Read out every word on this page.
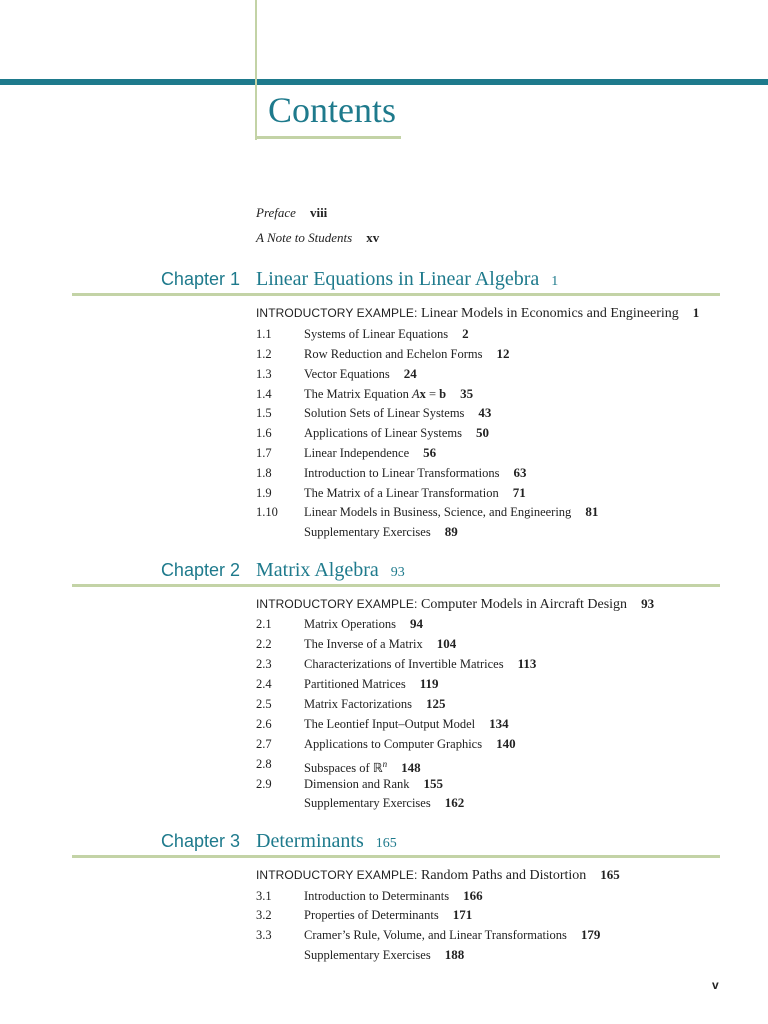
Contents
Preface viii
A Note to Students xv
Chapter 1 Linear Equations in Linear Algebra 1
INTRODUCTORY EXAMPLE: Linear Models in Economics and Engineering 1
1.1	Systems of Linear Equations 2
1.2	Row Reduction and Echelon Forms 12
1.3	Vector Equations 24
1.4	The Matrix Equation Ax = b 35
1.5	Solution Sets of Linear Systems 43
1.6	Applications of Linear Systems 50
1.7	Linear Independence 56
1.8	Introduction to Linear Transformations 63
1.9	The Matrix of a Linear Transformation 71
1.10 Linear Models in Business, Science, and Engineering 81
Supplementary Exercises 89
Chapter 2 Matrix Algebra 93
INTRODUCTORY EXAMPLE: Computer Models in Aircraft Design 93
2.1	Matrix Operations 94
2.2	The Inverse of a Matrix 104
2.3	Characterizations of Invertible Matrices 113
2.4	Partitioned Matrices 119
2.5	Matrix Factorizations 125
2.6	The Leontief Input–Output Model 134
2.7	Applications to Computer Graphics 140
2.8	Subspaces of ℝ$^n$ 148
2.9	Dimension and Rank 155
Supplementary Exercises 162
Chapter 3 Determinants 165
INTRODUCTORY EXAMPLE: Random Paths and Distortion 165
3.1	Introduction to Determinants 166
3.2	Properties of Determinants 171
3.3	Cramer’s Rule, Volume, and Linear Transformations 179
Supplementary Exercises 188
v
